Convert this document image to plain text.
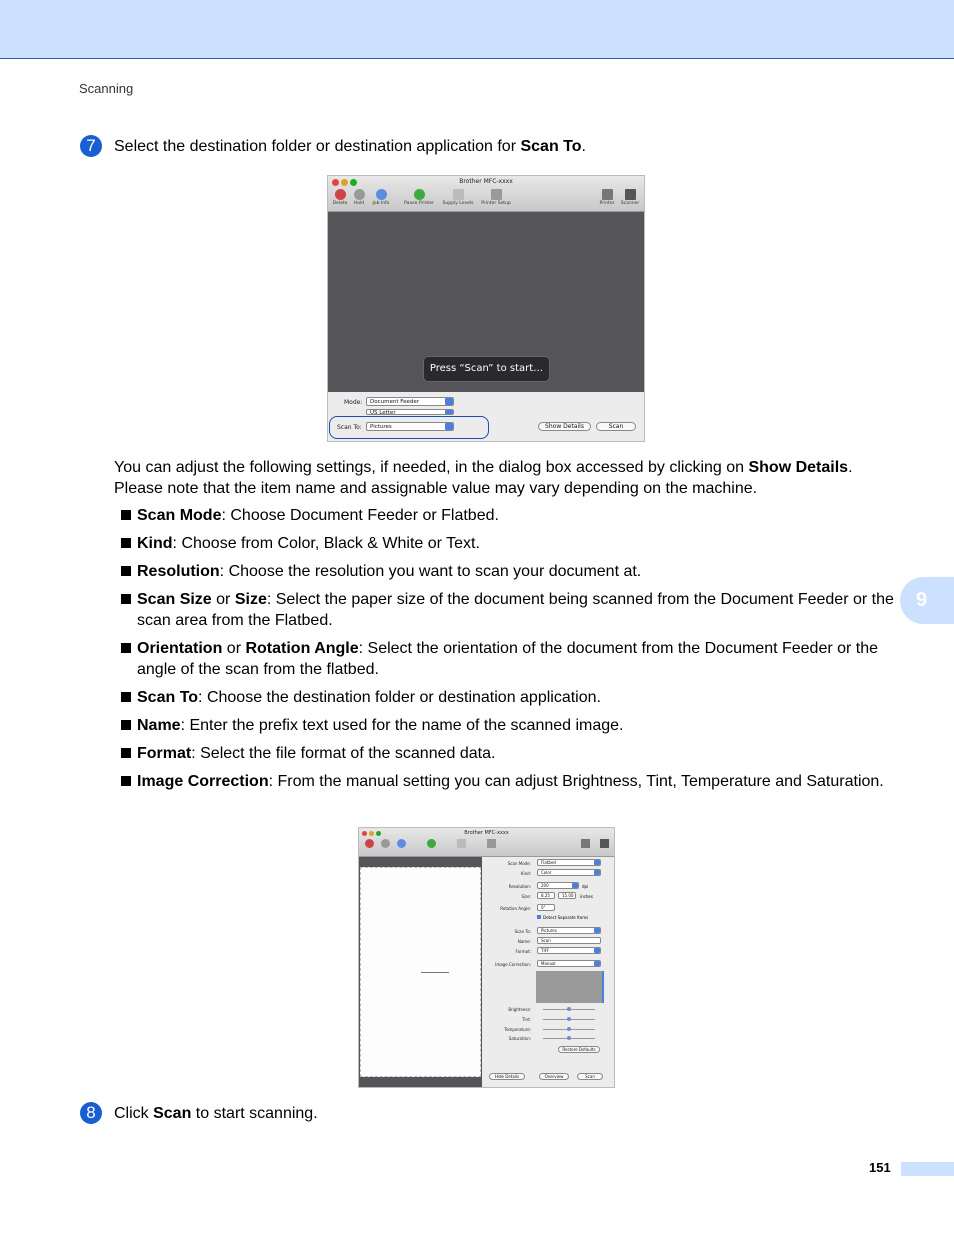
Scanning
7	Select the destination folder or destination application for Scan To.
Brother MFC-xxxx
Delete	Hold	Job Info	Pause Printer	Supply Levels	Printer Setup	Printer	Scanner
Press “Scan” to start…
Mode:	Document Feeder
US Letter
Scan To:	Pictures	Show Details	Scan
You can adjust the following settings, if needed, in the dialog box accessed by clicking on Show Details.
Please note that the item name and assignable value may vary depending on the machine.
Scan Mode: Choose Document Feeder or Flatbed.
Kind: Choose from Color, Black & White or Text.
Resolution: Choose the resolution you want to scan your document at.
Scan Size or Size: Select the paper size of the document being scanned from the Document Feeder or the scan area from the Flatbed.
Orientation or Rotation Angle: Select the orientation of the document from the Document Feeder or the angle of the scan from the flatbed.
Scan To: Choose the destination folder or destination application.
Name: Enter the prefix text used for the name of the scanned image.
Format: Select the file format of the scanned data.
Image Correction: From the manual setting you can adjust Brightness, Tint, Temperature and Saturation.
9
Brother MFC-xxxx
Scan Mode:	Flatbed
Kind:	Color
Resolution:	200	dpi
Size:	8.25	15.00	inches
Rotation Angle:	0°
Detect Separate Items
Scan To:	Pictures
Name:	Scan
Format:	TIFF
Image Correction:	Manual
Brightness:
Tint:
Temperature:
Saturation:
Restore Defaults
Hide Details	Overview	Scan
8	Click Scan to start scanning.
151
